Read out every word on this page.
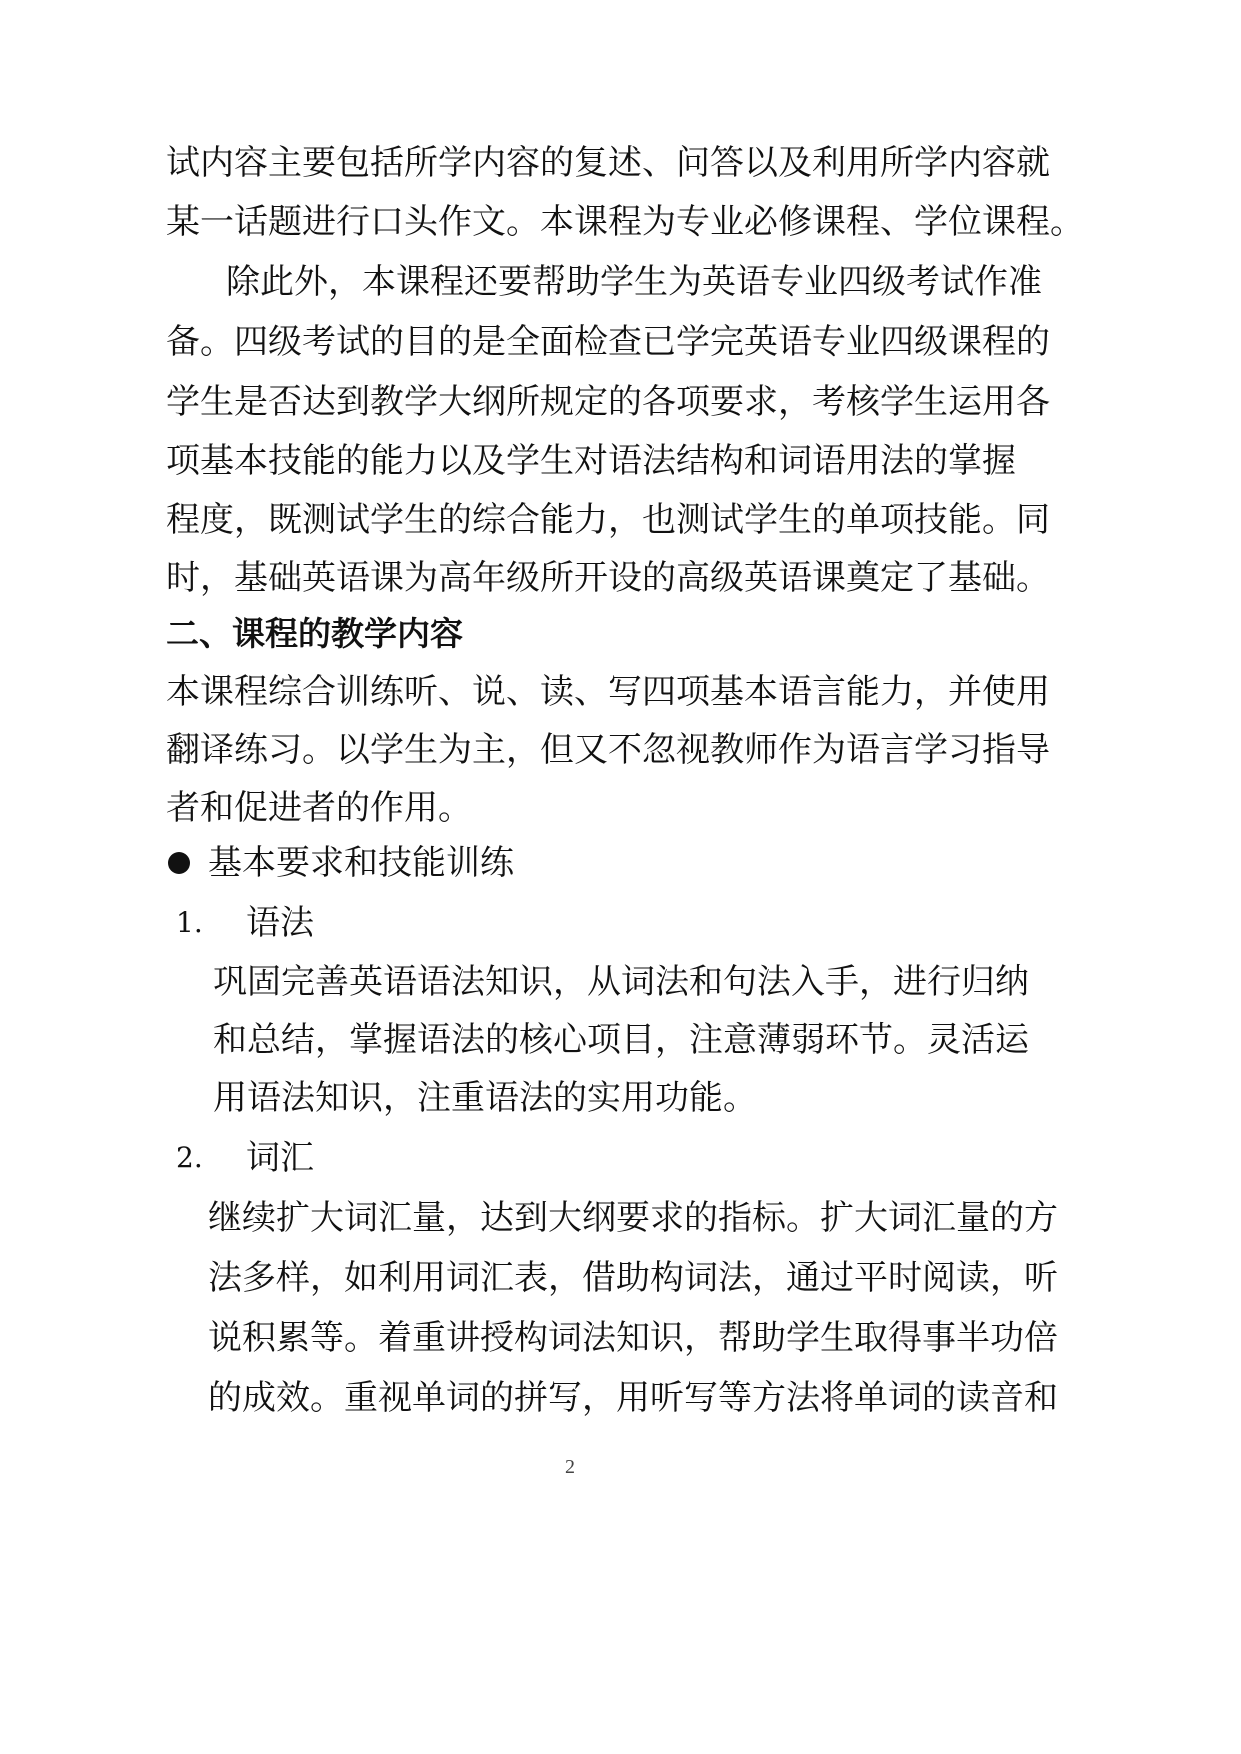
试内容主要包括所学内容的复述、问答以及利用所学内容就
某一话题进行口头作文。本课程为专业必修课程、学位课程。
除此外，本课程还要帮助学生为英语专业四级考试作准
备。四级考试的目的是全面检查已学完英语专业四级课程的
学生是否达到教学大纲所规定的各项要求，考核学生运用各
项基本技能的能力以及学生对语法结构和词语用法的掌握
程度，既测试学生的综合能力，也测试学生的单项技能。同
时，基础英语课为高年级所开设的高级英语课奠定了基础。
二、课程的教学内容
本课程综合训练听、说、读、写四项基本语言能力，并使用
翻译练习。以学生为主，但又不忽视教师作为语言学习指导
者和促进者的作用。
基本要求和技能训练
1. 语法
巩固完善英语语法知识，从词法和句法入手，进行归纳
和总结，掌握语法的核心项目，注意薄弱环节。灵活运
用语法知识，注重语法的实用功能。
2. 词汇
继续扩大词汇量，达到大纲要求的指标。扩大词汇量的方
法多样，如利用词汇表，借助构词法，通过平时阅读，听
说积累等。着重讲授构词法知识，帮助学生取得事半功倍
的成效。重视单词的拼写，用听写等方法将单词的读音和
2
